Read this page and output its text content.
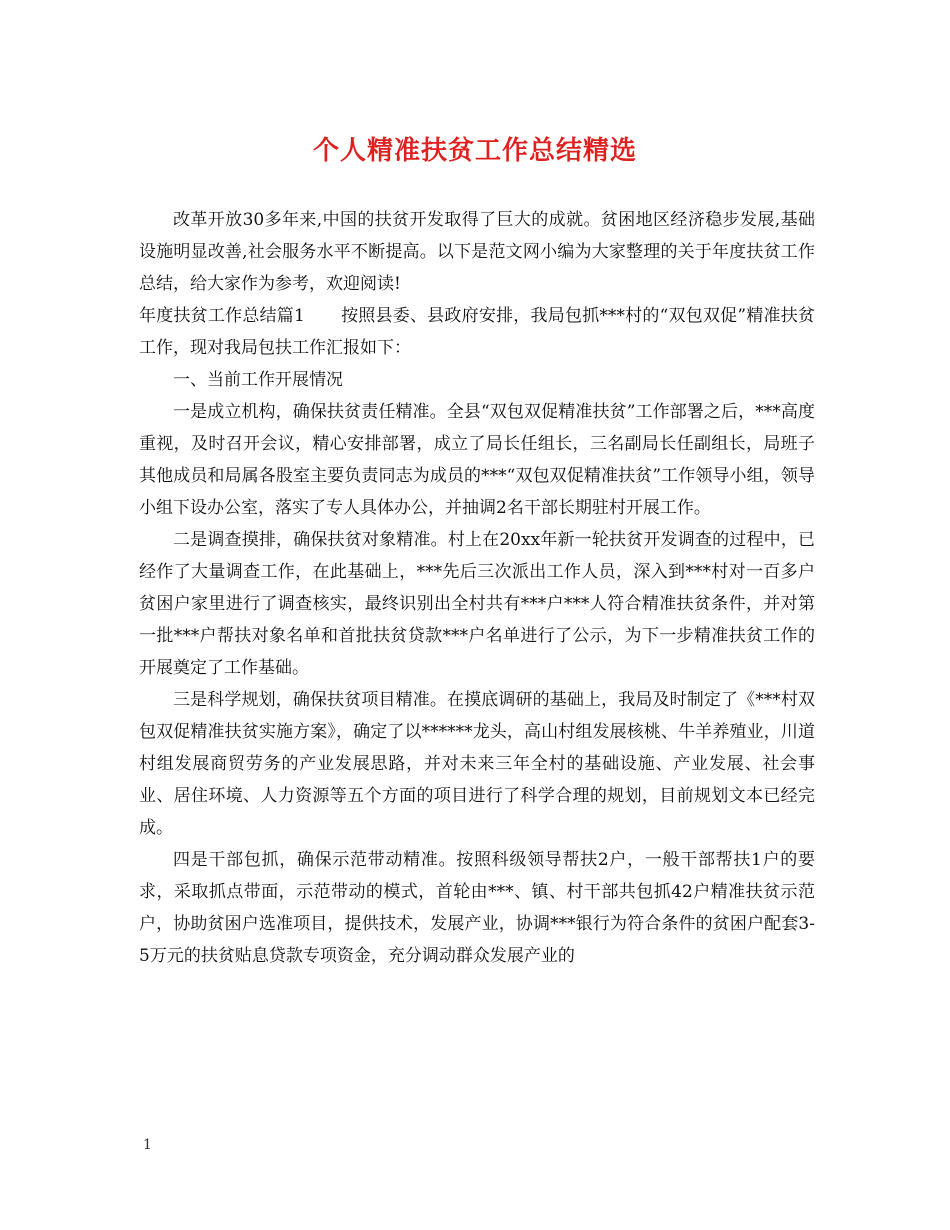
个人精准扶贫工作总结精选

改革开放30多年来,中国的扶贫开发取得了巨大的成就。贫困地区经济稳步发展,基础设施明显改善,社会服务水平不断提高。以下是范文网小编为大家整理的关于年度扶贫工作总结，给大家作为参考，欢迎阅读!

年度扶贫工作总结篇1 按照县委、县政府安排，我局包抓***村的“双包双促”精准扶贫工作，现对我局包扶工作汇报如下：

一、当前工作开展情况

一是成立机构，确保扶贫责任精准。全县“双包双促精准扶贫”工作部署之后，***高度重视，及时召开会议，精心安排部署，成立了局长任组长，三名副局长任副组长，局班子其他成员和局属各股室主要负责同志为成员的***“双包双促精准扶贫”工作领导小组，领导小组下设办公室，落实了专人具体办公，并抽调2名干部长期驻村开展工作。

二是调查摸排，确保扶贫对象精准。村上在20xx年新一轮扶贫开发调查的过程中，已经作了大量调查工作，在此基础上，***先后三次派出工作人员，深入到***村对一百多户贫困户家里进行了调查核实，最终识别出全村共有***户***人符合精准扶贫条件，并对第一批***户帮扶对象名单和首批扶贫贷款***户名单进行了公示，为下一步精准扶贫工作的开展奠定了工作基础。

三是科学规划，确保扶贫项目精准。在摸底调研的基础上，我局及时制定了《***村双包双促精准扶贫实施方案》，确定了以******龙头，高山村组发展核桃、牛羊养殖业，川道村组发展商贸劳务的产业发展思路，并对未来三年全村的基础设施、产业发展、社会事业、居住环境、人力资源等五个方面的项目进行了科学合理的规划，目前规划文本已经完成。

四是干部包抓，确保示范带动精准。按照科级领导帮扶2户，一般干部帮扶1户的要求，采取抓点带面，示范带动的模式，首轮由***、镇、村干部共包抓42户精准扶贫示范户，协助贫困户选准项目，提供技术，发展产业，协调***银行为符合条件的贫困户配套3-5万元的扶贫贴息贷款专项资金，充分调动群众发展产业的

1
